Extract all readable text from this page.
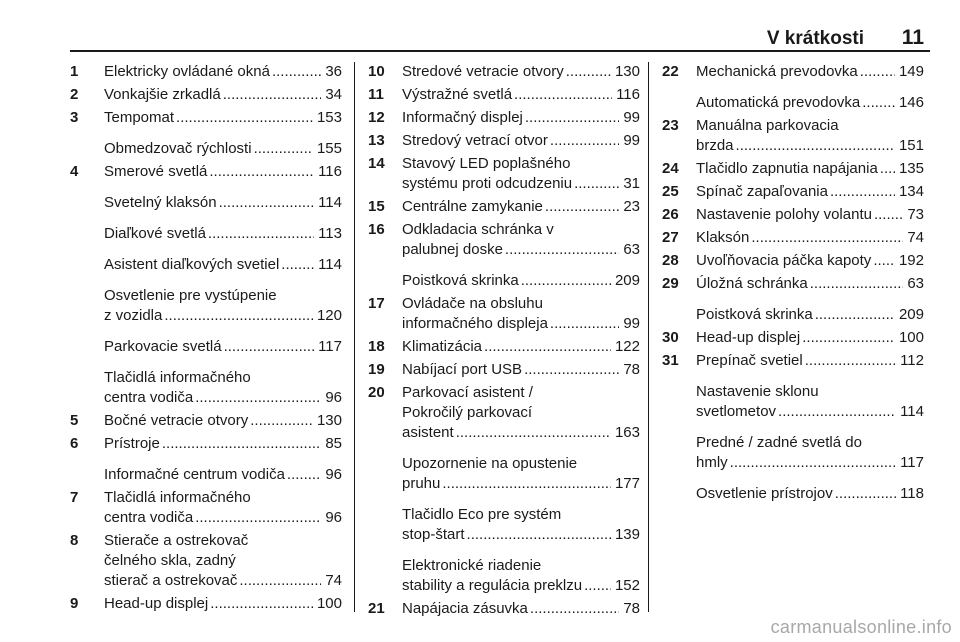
V krátkosti 11
1 Elektricky ovládané okná .....	36
2 Vonkajšie zrkadlá .....	34
3 Tempomat .....	153
Obmedzovač rýchlosti .....	155
4 Smerové svetlá .....	116
Svetelný klaksón .....	114
Diaľkové svetlá .....	113
Asistent diaľkových svetiel .....	114
Osvetlenie pre vystúpenie
z vozidla .....	120
Parkovacie svetlá .....	117
Tlačidlá informačného
centra vodiča .....	96
5 Bočné vetracie otvory .....	130
6 Prístroje .....	85
Informačné centrum vodiča .....	96
7 Tlačidlá informačného
centra vodiča .....	96
8 Stierače a ostrekovač
čelného skla, zadný
stierač a ostrekovač .....	74
9 Head-up displej .....	100
10 Stredové vetracie otvory .....	130
11 Výstražné svetlá .....	116
12 Informačný displej .....	99
13 Stredový vetrací otvor .....	99
14 Stavový LED poplašného
systému proti odcudzeniu .....	31
15 Centrálne zamykanie .....	23
16 Odkladacia schránka v
palubnej doske .....	63
Poistková skrinka .....	209
17 Ovládače na obsluhu
informačného displeja .....	99
18 Klimatizácia .....	122
19 Nabíjací port USB .....	78
20 Parkovací asistent /
Pokročilý parkovací
asistent .....	163
Upozornenie na opustenie
pruhu .....	177
Tlačidlo Eco pre systém
stop-štart .....	139
Elektronické riadenie
stability a regulácia preklzu ..... 152
21 Napájacia zásuvka .....	78
22 Mechanická prevodovka .....	149
Automatická prevodovka .....	146
23 Manuálna parkovacia
brzda .....	151
24 Tlačidlo zapnutia napájania ..... 135
25 Spínač zapaľovania .....	134
26 Nastavenie polohy volantu ..... 73
27 Klaksón .....	74
28 Uvoľňovacia páčka kapoty ..... 192
29 Úložná schránka .....	63
Poistková skrinka .....	209
30 Head-up displej .....	100
31 Prepínač svetiel .....	112
Nastavenie sklonu
svetlometov .....	114
Predné / zadné svetlá do
hmly .....	117
Osvetlenie prístrojov .....	118
carmanualsonline.info
